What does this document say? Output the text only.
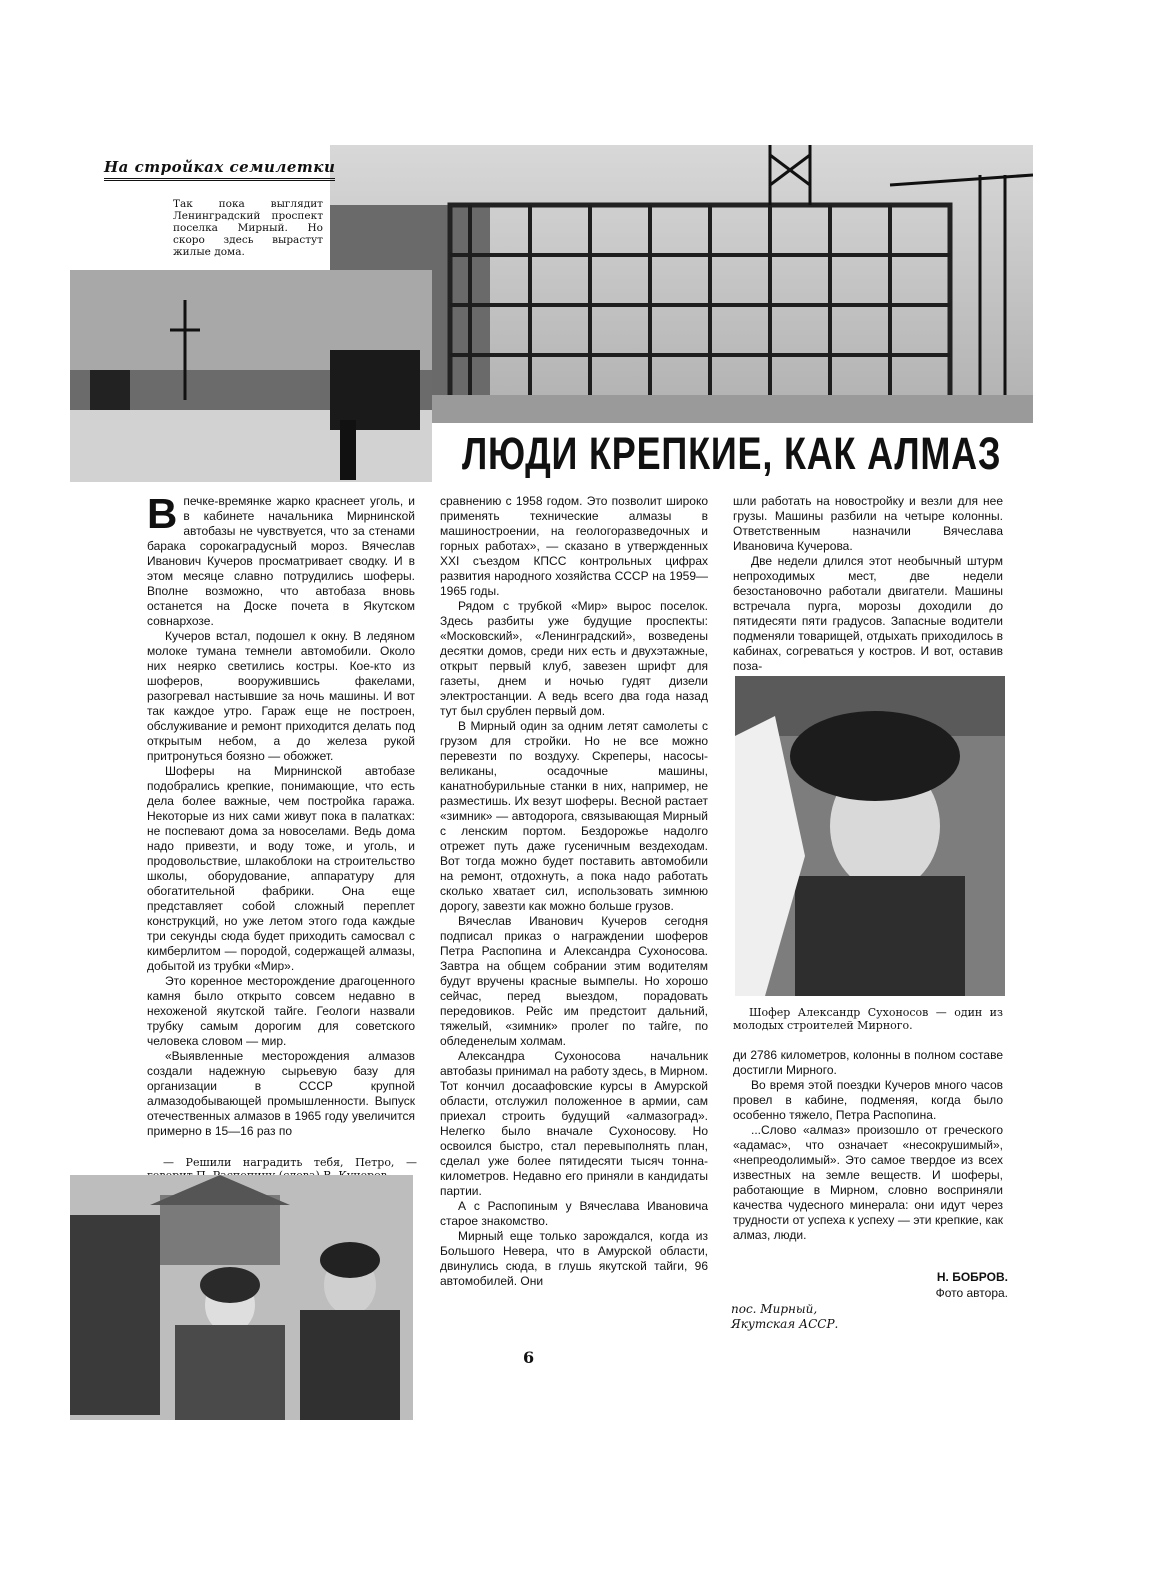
На стройках семилетки
Так пока выглядит Ленинградский проспект поселка Мирный. Но скоро здесь вырастут жилые дома.
ЛЮДИ КРЕПКИЕ, КАК АЛМАЗ
В печке-времянке жарко краснеет уголь, и в кабинете начальника Мирнинской автобазы не чувствуется, что за стенами барака сорокаградусный мороз. Вячеслав Иванович Кучеров просматривает сводку. И в этом месяце славно потрудились шоферы. Вполне возможно, что автобаза вновь останется на Доске почета в Якутском совнархозе.

Кучеров встал, подошел к окну. В ледяном молоке тумана темнели автомобили. Около них неярко светились костры. Кое-кто из шоферов, вооружившись факелами, разогревал настывшие за ночь машины. И вот так каждое утро. Гараж еще не построен, обслуживание и ремонт приходится делать под открытым небом, а до железа рукой притронуться боязно — обожжет.

Шоферы на Мирнинской автобазе подобрались крепкие, понимающие, что есть дела более важные, чем постройка гаража. Некоторые из них сами живут пока в палатках: не поспевают дома за новоселами. Ведь дома надо привезти, и воду тоже, и уголь, и продовольствие, шлакоблоки на строительство школы, оборудование, аппаратуру для обогатительной фабрики. Она еще представляет собой сложный переплет конструкций, но уже летом этого года каждые три секунды сюда будет приходить самосвал с кимберлитом — породой, содержащей алмазы, добытой из трубки «Мир».

Это коренное месторождение драгоценного камня было открыто совсем недавно в нехоженой якутской тайге. Геологи назвали трубку самым дорогим для советского человека словом — мир.

«Выявленные месторождения алмазов создали надежную сырьевую базу для организации в СССР крупной алмазодобывающей промышленности. Выпуск отечественных алмазов в 1965 году увеличится примерно в 15—16 раз по

— Решили наградить тебя, Петро, —

сравнению с 1958 годом. Это позволит широко применять технические алмазы в машиностроении, на геологоразведочных и горных работах», — сказано в утвержденных XXI съездом КПСС контрольных цифрах развития народного хозяйства СССР на 1959—1965 годы.

Рядом с трубкой «Мир» вырос поселок. Здесь разбиты уже будущие проспекты: «Московский», «Ленинградский», возведены десятки домов, среди них есть и двухэтажные, открыт первый клуб, завезен шрифт для газеты, днем и ночью гудят дизели электростанции. А ведь всего два года назад тут был срублен первый дом.

В Мирный один за одним летят самолеты с грузом для стройки. Но не все можно перевезти по воздуху. Скреперы, насосы-великаны, осадочные машины, канатнобурильные станки в них, например, не разместишь. Их везут шоферы. Весной растает «зимник» — автодорога, связывающая Мирный с ленским портом. Бездорожье надолго отрежет путь даже гусеничным вездеходам. Вот тогда можно будет поставить автомобили на ремонт, отдохнуть, а пока надо работать сколько хватает сил, использовать зимнюю дорогу, завезти как можно больше грузов.

Вячеслав Иванович Кучеров сегодня подписал приказ о награждении шоферов Петра Распопина и Александра Сухоносова. Завтра на общем собрании этим водителям будут вручены красные вымпелы. Но хорошо сейчас, перед выездом, порадовать передовиков. Рейс им предстоит дальний, тяжелый, «зимник» пролег по тайге, по обледенелым холмам.

Александра Сухоносова начальник автобазы принимал на работу здесь, в Мирном. Тот кончил досаафовские курсы в Амурской области, отслужил положенное в армии, сам приехал строить будущий «алмазоград». Нелегко было вначале Сухоносову. Но освоился быстро, стал перевыполнять план, сделал уже более пятидесяти тысяч тонна-километров. Недавно его приняли в кандидаты партии.

А с Распопиным у Вячеслава Ивановича старое знакомство.

Мирный еще только зарождался, когда из Большого Невера, что в Амурской области, двинулись сюда, в глушь якутской тайги, 96 автомобилей. Они

шли работать на новостройку и везли для нее грузы. Машины разбили на четыре колонны. Ответственным назначили Вячеслава Ивановича Кучерова.

Две недели длился этот необычный штурм непроходимых мест, две недели безостановочно работали двигатели. Машины встречала пурга, морозы доходили до пятидесяти пяти градусов. Запасные водители подменяли товарищей, отдыхать приходилось в кабинах, согреваться у костров. И вот, оставив поза-

Шофер Александр Сухоносов — один из молодых строителей Мирного.

ди 2786 километров, колонны в полном составе достигли Мирного.

Во время этой поездки Кучеров много часов провел в кабине, подменяя, когда было особенно тяжело, Петра Распопина.

...Слово «алмаз» произошло от греческого «адамас», что означает «несокрушимый», «непреодолимый». Это самое твердое из всех известных на земле веществ. И шоферы, работающие в Мирном, словно восприняли качества чудесного минерала: они идут через трудности от успеха к успеху — эти крепкие, как алмаз, люди.

Н. БОБРОВ.
Фото автора.
пос. Мирный,
Якутская АССР.
6
